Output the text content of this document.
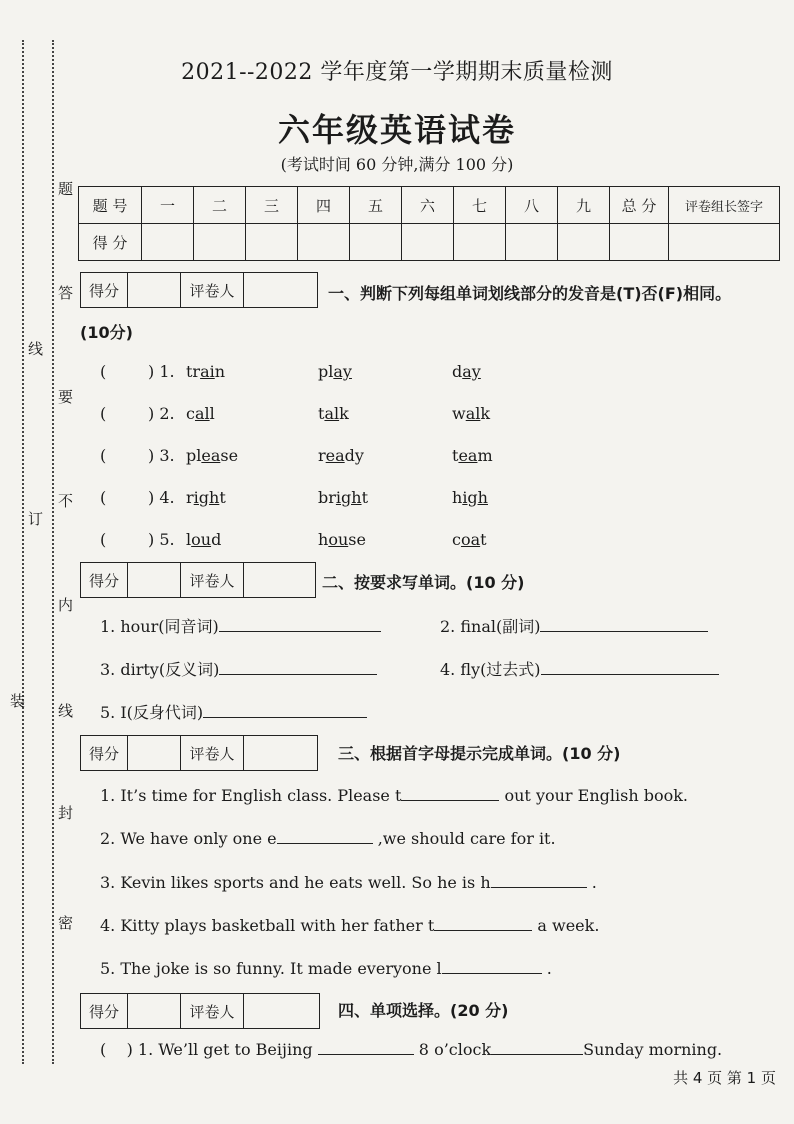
题
答
要
不
内
线
订
装
线
封
密
2021--2022 学年度第一学期期末质量检测
六年级英语试卷
(考试时间 60 分钟,满分 100 分)
题 号	一	二	三	四	五	六	七	八	九	总 分	评卷组长签字
得 分											
得分	评卷人	一、判断下列每组单词划线部分的发音是(T)否(F)相同。
(10分)
(	) 1. train	play	day
(	) 2. call	talk	walk
(	) 3. please	ready	team
(	) 4. right	bright	high
(	) 5. loud	house	coat
得分	评卷人	二、按要求写单词。(10 分)
1. hour(同音词)	2. final(副词)
3. dirty(反义词)	4. fly(过去式)
5. I(反身代词)
得分	评卷人	三、根据首字母提示完成单词。(10 分)
1. It’s time for English class. Please t	out your English book.
2. We have only one e	,we should care for it.
3. Kevin likes sports and he eats well. So he is h	.
4. Kitty plays basketball with her father t	a week.
5. The joke is so funny. It made everyone l	.
得分	评卷人	四、单项选择。(20 分)
(    ) 1. We’ll get to Beijing	8 o’clock	Sunday morning.
共 4 页 第 1 页
